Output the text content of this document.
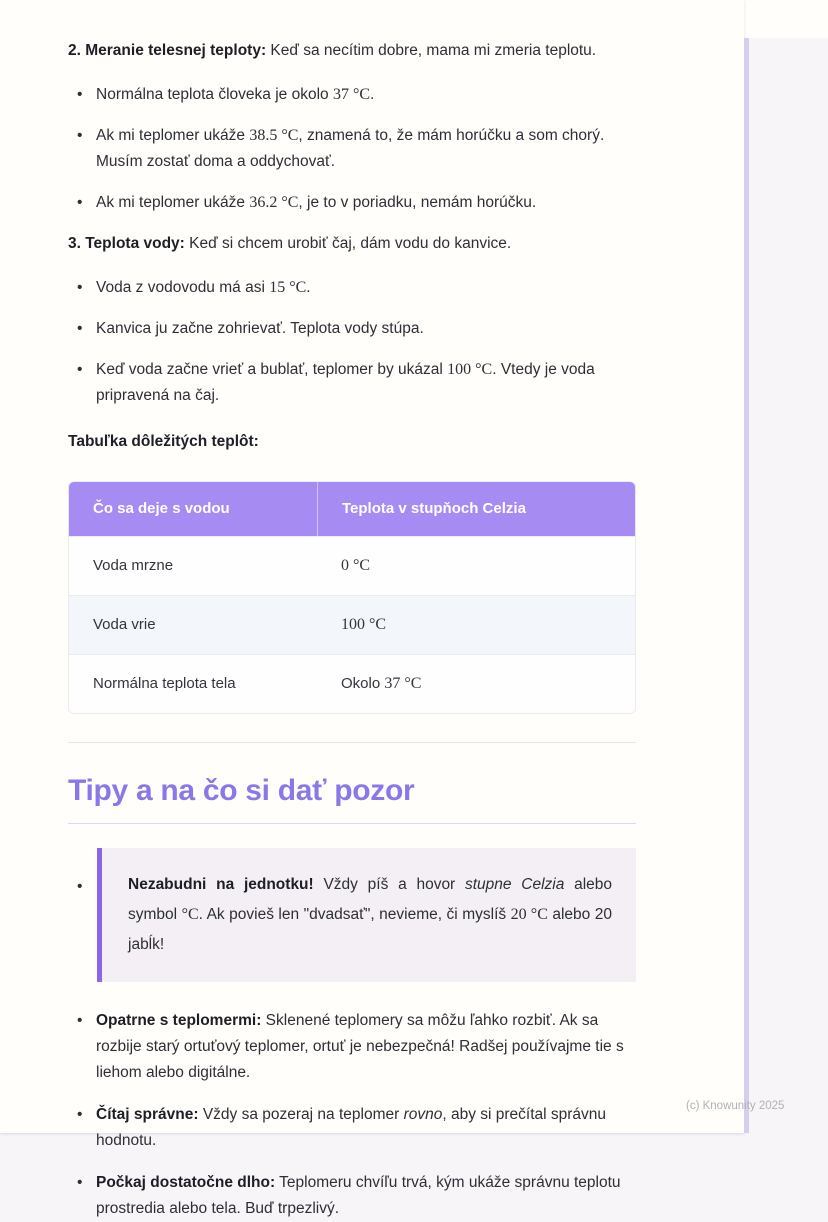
2. Meranie telesnej teploty: Keď sa necítim dobre, mama mi zmeria teplotu.

• Normálna teplota človeka je okolo 37 °C.
• Ak mi teplomer ukáže 38.5 °C, znamená to, že mám horúčku a som chorý. Musím zostať doma a oddychovať.
• Ak mi teplomer ukáže 36.2 °C, je to v poriadku, nemám horúčku.

3. Teplota vody: Keď si chcem urobiť čaj, dám vodu do kanvice.

• Voda z vodovodu má asi 15 °C.
• Kanvica ju začne zohrievať. Teplota vody stúpa.
• Keď voda začne vrieť a bublať, teplomer by ukázal 100 °C. Vtedy je voda pripravená na čaj.

Tabuľka dôležitých teplôt:

Čo sa deje s vodou	Teplota v stupňoch Celzia
Voda mrzne	0 °C
Voda vrie	100 °C
Normálna teplota tela	Okolo 37 °C
Tipy a na čo si dať pozor
• Nezabudni na jednotku! Vždy píš a hovor stupne Celzia alebo symbol °C. Ak povieš len "dvadsať", nevieme, či myslíš 20 °C alebo 20 jabĺk!
• Opatrne s teplomermi: Sklenené teplomery sa môžu ľahko rozbiť. Ak sa rozbije starý ortuťový teplomer, ortuť je nebezpečná! Radšej používajme tie s liehom alebo digitálne.
• Čítaj správne: Vždy sa pozeraj na teplomer rovno, aby si prečítal správnu hodnotu.
• Počkaj dostatočne dlho: Teplomeru chvíľu trvá, kým ukáže správnu teplotu prostredia alebo tela. Buď trpezlivý.
(c) Knowunity 2025
